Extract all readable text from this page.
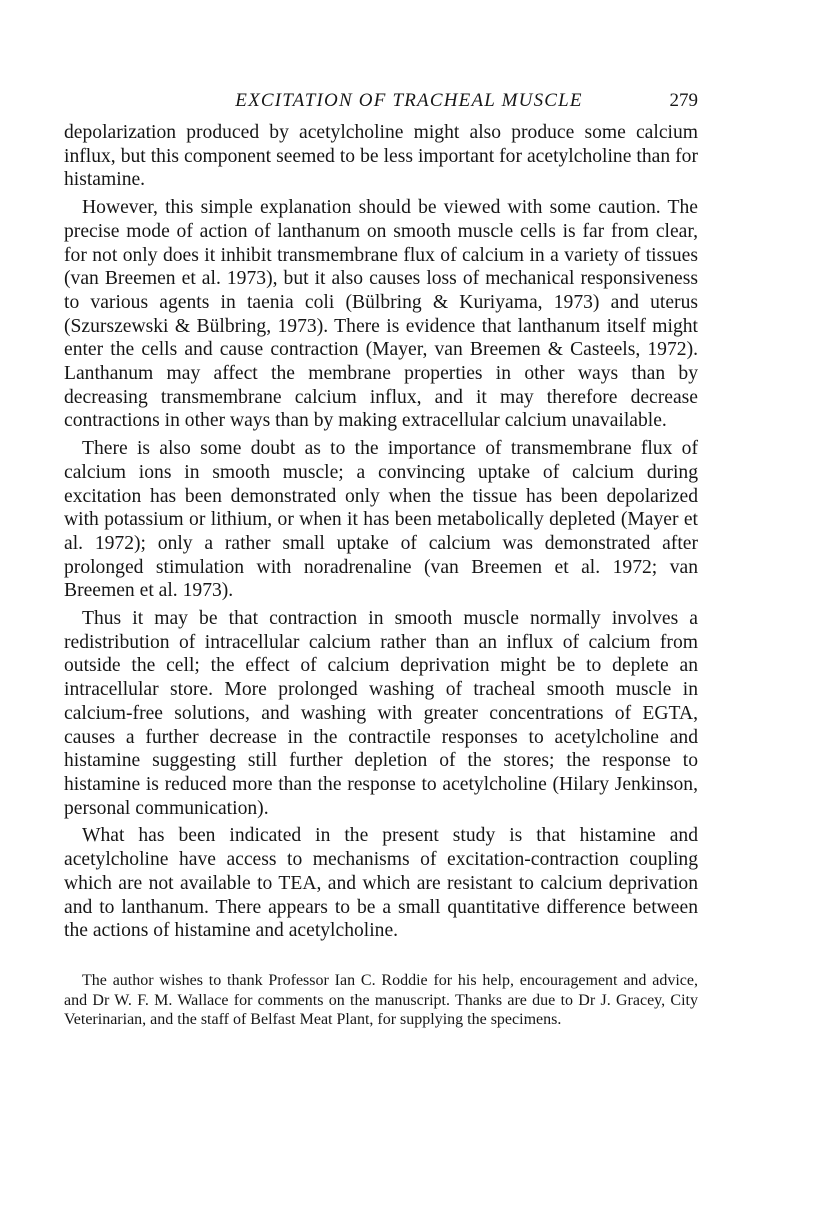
EXCITATION OF TRACHEAL MUSCLE	279

depolarization produced by acetylcholine might also produce some calcium influx, but this component seemed to be less important for acetylcholine than for histamine.

However, this simple explanation should be viewed with some caution. The precise mode of action of lanthanum on smooth muscle cells is far from clear, for not only does it inhibit transmembrane flux of calcium in a variety of tissues (van Breemen et al. 1973), but it also causes loss of mechanical responsiveness to various agents in taenia coli (Bülbring & Kuriyama, 1973) and uterus (Szurszewski & Bülbring, 1973). There is evidence that lanthanum itself might enter the cells and cause contraction (Mayer, van Breemen & Casteels, 1972). Lanthanum may affect the membrane properties in other ways than by decreasing transmembrane calcium influx, and it may therefore decrease contractions in other ways than by making extracellular calcium unavailable.

There is also some doubt as to the importance of transmembrane flux of calcium ions in smooth muscle; a convincing uptake of calcium during excitation has been demonstrated only when the tissue has been depolarized with potassium or lithium, or when it has been metabolically depleted (Mayer et al. 1972); only a rather small uptake of calcium was demonstrated after prolonged stimulation with noradrenaline (van Breemen et al. 1972; van Breemen et al. 1973).

Thus it may be that contraction in smooth muscle normally involves a redistribution of intracellular calcium rather than an influx of calcium from outside the cell; the effect of calcium deprivation might be to deplete an intracellular store. More prolonged washing of tracheal smooth muscle in calcium-free solutions, and washing with greater concentrations of EGTA, causes a further decrease in the contractile responses to acetylcholine and histamine suggesting still further depletion of the stores; the response to histamine is reduced more than the response to acetylcholine (Hilary Jenkinson, personal communication).

What has been indicated in the present study is that histamine and acetylcholine have access to mechanisms of excitation-contraction coupling which are not available to TEA, and which are resistant to calcium deprivation and to lanthanum. There appears to be a small quantitative difference between the actions of histamine and acetylcholine.

The author wishes to thank Professor Ian C. Roddie for his help, encouragement and advice, and Dr W. F. M. Wallace for comments on the manuscript. Thanks are due to Dr J. Gracey, City Veterinarian, and the staff of Belfast Meat Plant, for supplying the specimens.
